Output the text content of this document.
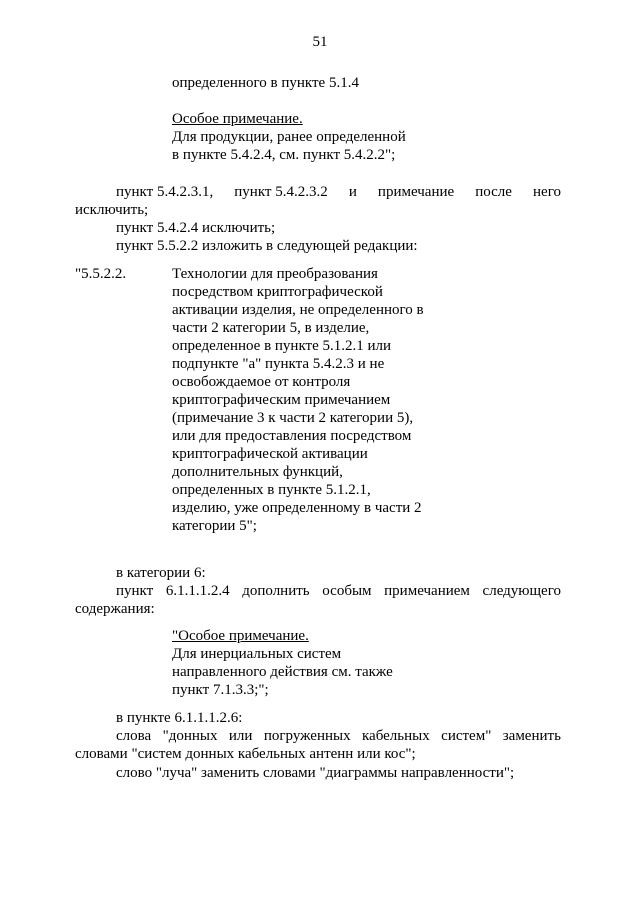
51
определенного в пункте 5.1.4
Особое примечание.
Для продукции, ранее определенной
в пункте 5.4.2.4, см. пункт 5.4.2.2";
пункт 5.4.2.3.1, пункт 5.4.2.3.2 и примечание после него
исключить;
пункт 5.4.2.4 исключить;
пункт 5.5.2.2 изложить в следующей редакции:
"5.5.2.2.	Технологии для преобразования
посредством криптографической
активации изделия, не определенного в
части 2 категории 5, в изделие,
определенное в пункте 5.1.2.1 или
подпункте "а" пункта 5.4.2.3 и не
освобождаемое от контроля
криптографическим примечанием
(примечание 3 к части 2 категории 5),
или для предоставления посредством
криптографической активации
дополнительных функций,
определенных в пункте 5.1.2.1,
изделию, уже определенному в части 2
категории 5";
в категории 6:
пункт 6.1.1.1.2.4 дополнить особым примечанием следующего
содержания:
"Особое примечание.
Для инерциальных систем
направленного действия см. также
пункт 7.1.3.3;";
в пункте 6.1.1.1.2.6:
слова "донных или погруженных кабельных систем" заменить
словами "систем донных кабельных антенн или кос";
слово "луча" заменить словами "диаграммы направленности";
